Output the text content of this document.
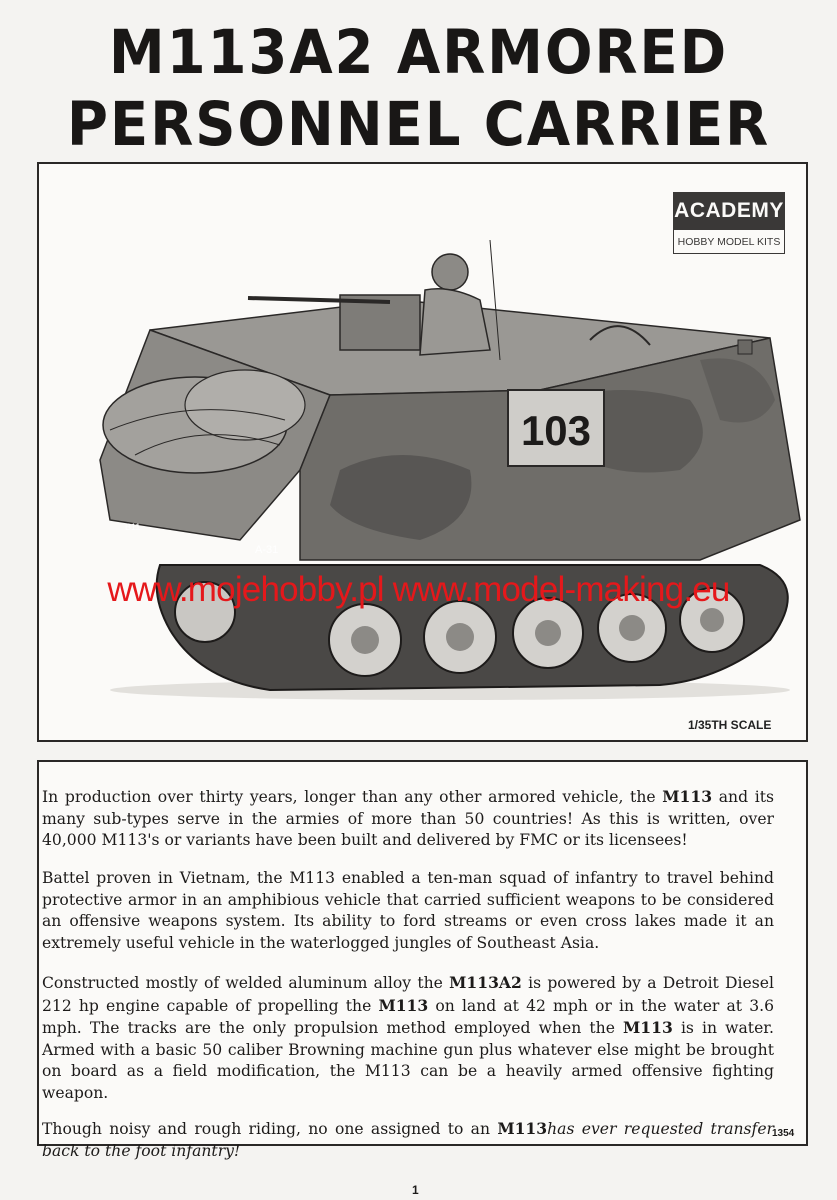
M113A2 ARMORED
PERSONNEL CARRIER
103
A-31
B11
ACADEMY
HOBBY MODEL KITS
1/35TH SCALE
www.mojehobby.pl www.model-making.eu

In production over thirty years, longer than any other armored vehicle, the M113 and its many sub-types serve in the armies of more than 50 countries! As this is written, over 40,000 M113's or variants have been built and delivered by FMC or its licensees!

Battel proven in Vietnam, the M113 enabled a ten-man squad of infantry to travel behind protective armor in an amphibious vehicle that carried sufficient weapons to be considered an offensive weapons system. Its ability to ford streams or even cross lakes made it an extremely useful vehicle in the waterlogged jungles of Southeast Asia.

Constructed mostly of welded aluminum alloy the M113A2 is powered by a Detroit Diesel 212 hp engine capable of propelling the M113 on land at 42 mph or in the water at 3.6 mph. The tracks are the only propulsion method employed when the M113 is in water. Armed with a basic 50 caliber Browning machine gun plus whatever else might be brought on board as a field modification, the M113 can be a heavily armed offensive fighting weapon.

Though noisy and rough riding, no one assigned to an M113has ever requested transfer back to the foot infantry!

1354
1
